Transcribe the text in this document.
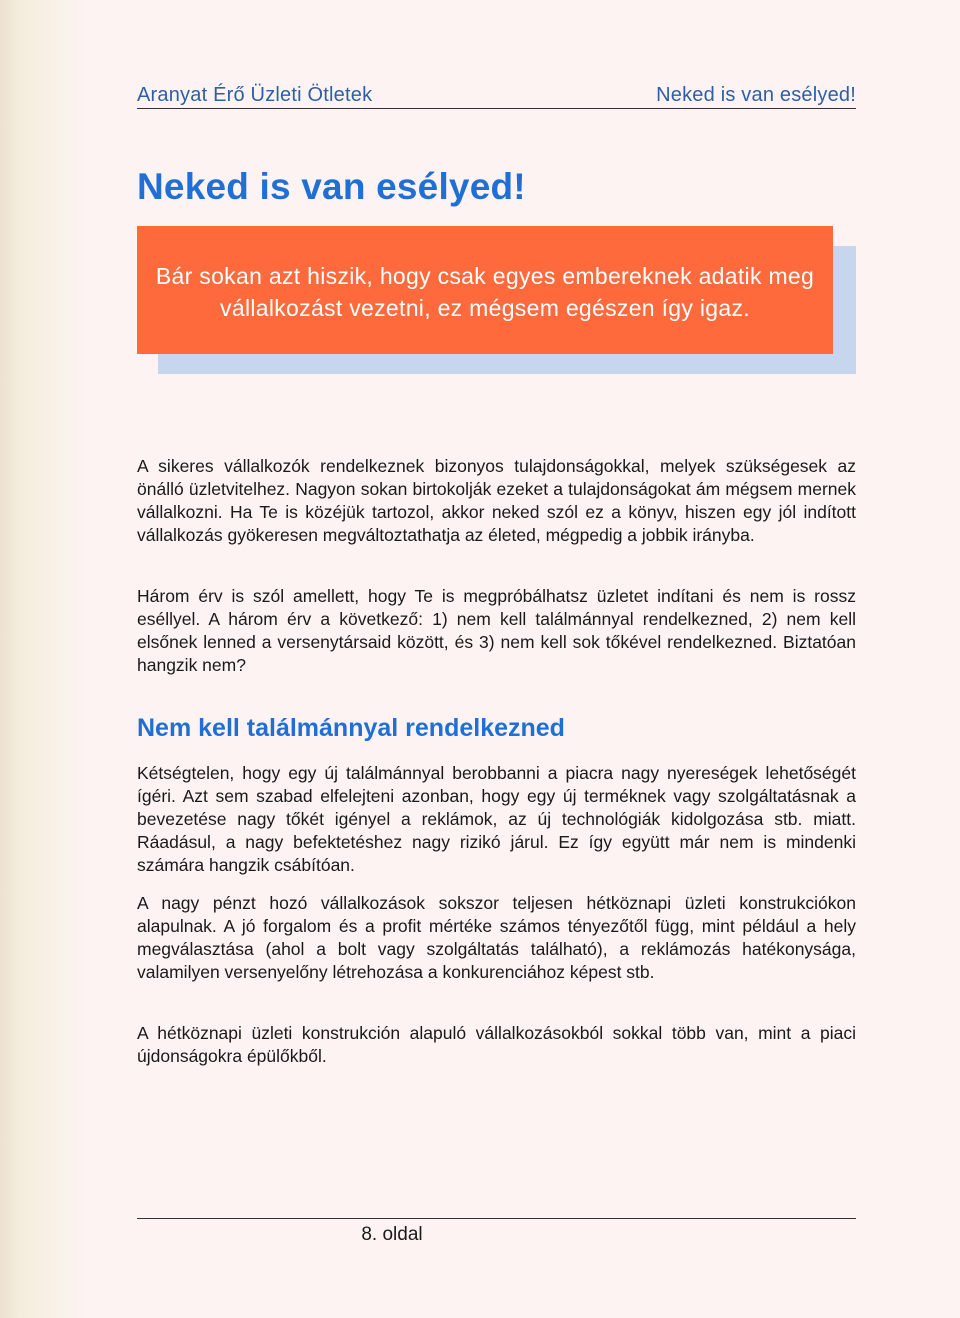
Aranyat Érő Üzleti Ötletek	Neked is van esélyed!
Neked is van esélyed!
Bár sokan azt hiszik, hogy csak egyes embereknek adatik meg
vállalkozást vezetni, ez mégsem egészen így igaz.

A sikeres vállalkozók rendelkeznek bizonyos tulajdonságokkal, melyek szükségesek az önálló üzletvitelhez. Nagyon sokan birtokolják ezeket a tulajdonságokat ám mégsem mernek vállalkozni. Ha Te is közéjük tartozol, akkor neked szól ez a könyv, hiszen egy jól indított vállalkozás gyökeresen megváltoztathatja az életed, mégpedig a jobbik irányba.

Három érv is szól amellett, hogy Te is megpróbálhatsz üzletet indítani és nem is rossz eséllyel. A három érv a következő: 1) nem kell találmánnyal rendelkezned, 2) nem kell elsőnek lenned a versenytársaid között, és 3) nem kell sok tőkével rendelkezned. Biztatóan hangzik nem?

Nem kell találmánnyal rendelkezned

Kétségtelen, hogy egy új találmánnyal berobbanni a piacra nagy nyereségek lehetőségét ígéri. Azt sem szabad elfelejteni azonban, hogy egy új terméknek vagy szolgáltatásnak a bevezetése nagy tőkét igényel a reklámok, az új technológiák kidolgozása stb. miatt. Ráadásul, a nagy befektetéshez nagy rizikó járul. Ez így együtt már nem is mindenki számára hangzik csábítóan.

A nagy pénzt hozó vállalkozások sokszor teljesen hétköznapi üzleti konstrukciókon alapulnak. A jó forgalom és a profit mértéke számos tényezőtől függ, mint például a hely megválasztása (ahol a bolt vagy szolgáltatás található), a reklámozás hatékonysága, valamilyen versenyelőny létrehozása a konkurenciához képest stb.

A hétköznapi üzleti konstrukción alapuló vállalkozásokból sokkal több van, mint a piaci újdonságokra épülőkből.

8. oldal
